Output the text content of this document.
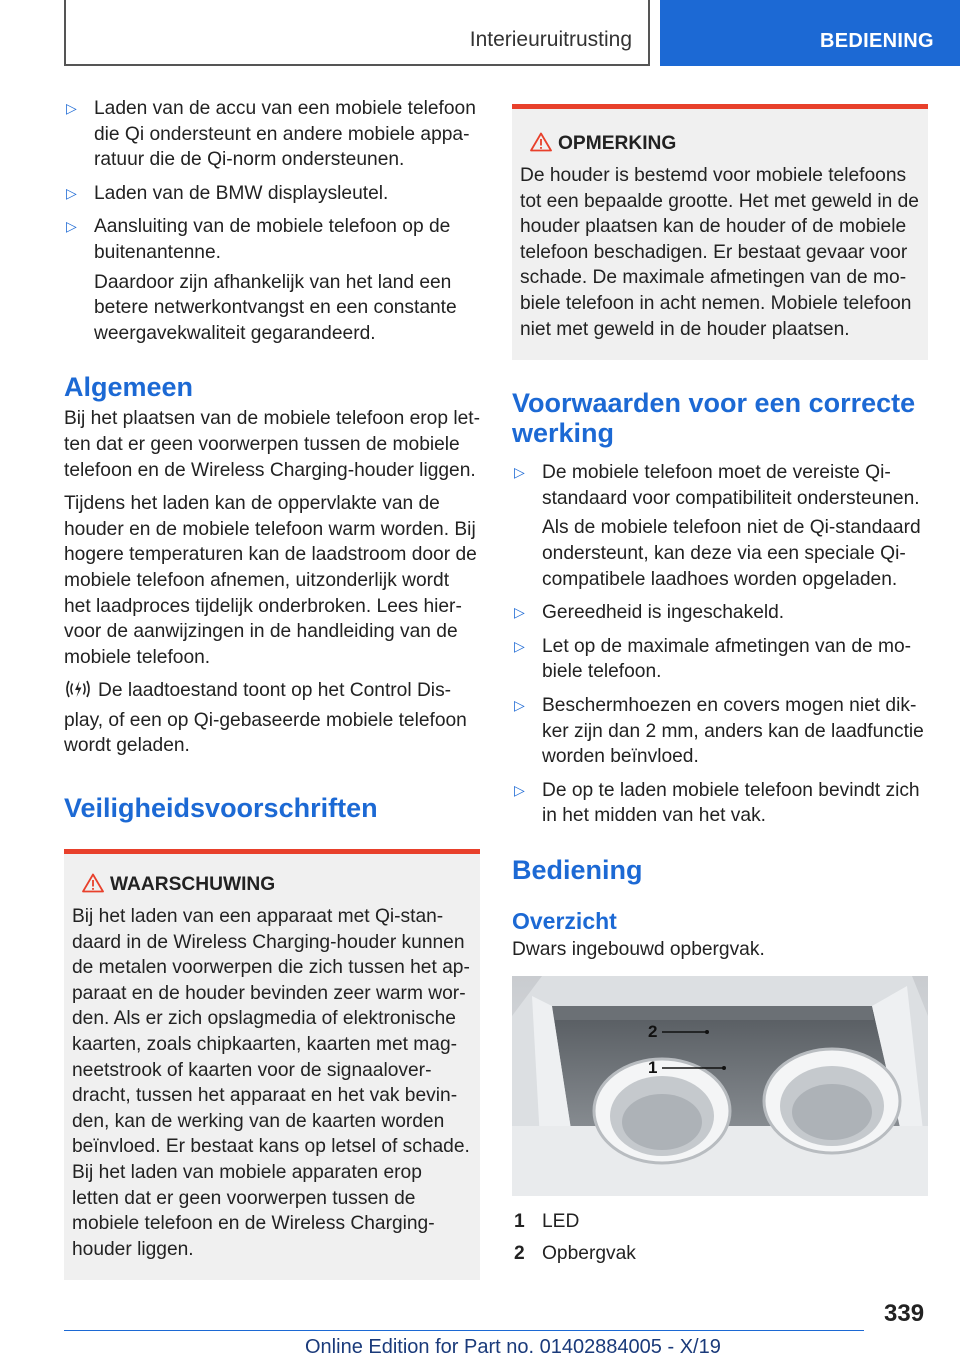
Interieuruitrusting	BEDIENING
▷ Laden van de accu van een mobiele telefoon die Qi ondersteunt en andere mobiele apparatuur die de Qi-norm ondersteunen.
▷ Laden van de BMW displaysleutel.
▷ Aansluiting van de mobiele telefoon op de buitenantenne.
Daardoor zijn afhankelijk van het land een betere netwerkontvangst en een constante weergavekwaliteit gegarandeerd.
Algemeen
Bij het plaatsen van de mobiele telefoon erop letten dat er geen voorwerpen tussen de mobiele telefoon en de Wireless Charging-houder liggen.
Tijdens het laden kan de oppervlakte van de houder en de mobiele telefoon warm worden. Bij hogere temperaturen kan de laadstroom door de mobiele telefoon afnemen, uitzonderlijk wordt het laadproces tijdelijk onderbroken. Lees hiervoor de aanwijzingen in de handleiding van de mobiele telefoon.
De laadtoestand toont op het Control Display, of een op Qi-gebaseerde mobiele telefoon wordt geladen.
Veiligheidsvoorschriften
WAARSCHUWING
Bij het laden van een apparaat met Qi-standaard in de Wireless Charging-houder kunnen de metalen voorwerpen die zich tussen het apparaat en de houder bevinden zeer warm worden. Als er zich opslagmedia of elektronische kaarten, zoals chipkaarten, kaarten met magneetstrook of kaarten voor de signaaloverdracht, tussen het apparaat en het vak bevinden, kan de werking van de kaarten worden beïnvloed. Er bestaat kans op letsel of schade. Bij het laden van mobiele apparaten erop letten dat er geen voorwerpen tussen de mobiele telefoon en de Wireless Charging-houder liggen.
OPMERKING
De houder is bestemd voor mobiele telefoons tot een bepaalde grootte. Het met geweld in de houder plaatsen kan de houder of de mobiele telefoon beschadigen. Er bestaat gevaar voor schade. De maximale afmetingen van de mobiele telefoon in acht nemen. Mobiele telefoon niet met geweld in de houder plaatsen.
Voorwaarden voor een correcte werking
▷ De mobiele telefoon moet de vereiste Qi-standaard voor compatibiliteit ondersteunen.
Als de mobiele telefoon niet de Qi-standaard ondersteunt, kan deze via een speciale Qi-compatibele laadhoes worden opgeladen.
▷ Gereedheid is ingeschakeld.
▷ Let op de maximale afmetingen van de mobiele telefoon.
▷ Beschermhoezen en covers mogen niet dikker zijn dan 2 mm, anders kan de laadfunctie worden beïnvloed.
▷ De op te laden mobiele telefoon bevindt zich in het midden van het vak.
Bediening
Overzicht
Dwars ingebouwd opbergvak.
2
1
1 LED
2 Opbergvak
339
Online Edition for Part no. 01402884005 - X/19
